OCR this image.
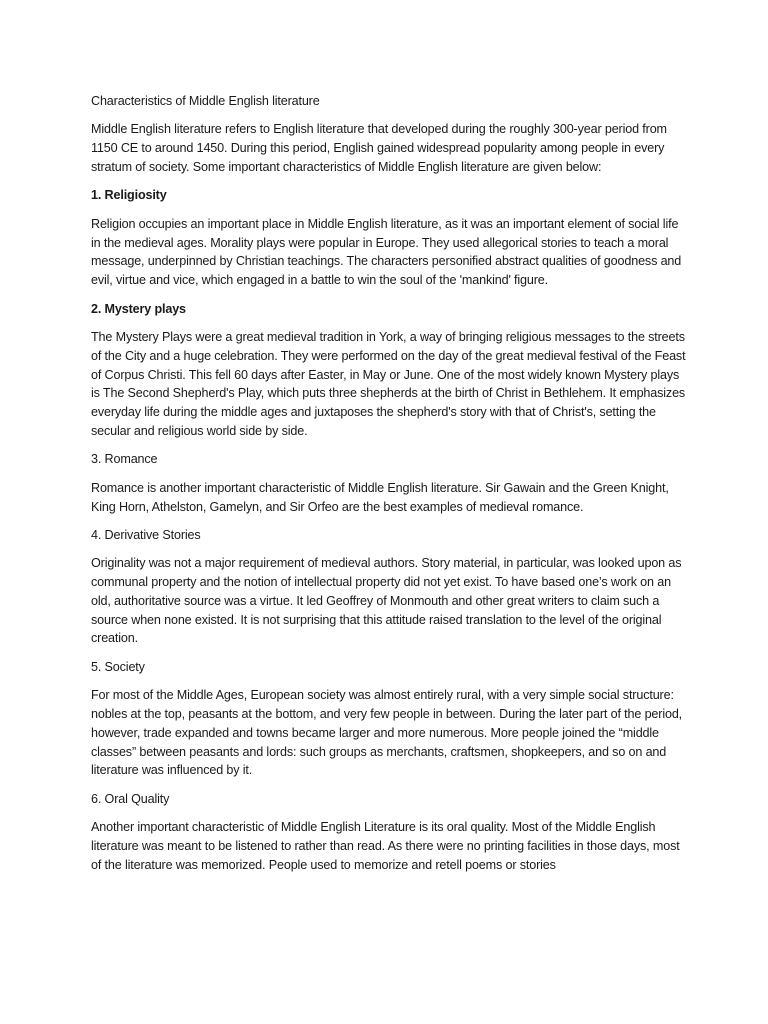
Characteristics of Middle English literature

Middle English literature refers to English literature that developed during the roughly 300-year period from 1150 CE to around 1450. During this period, English gained widespread popularity among people in every stratum of society. Some important characteristics of Middle English literature are given below:

1. Religiosity

Religion occupies an important place in Middle English literature, as it was an important element of social life in the medieval ages. Morality plays were popular in Europe. They used allegorical stories to teach a moral message, underpinned by Christian teachings. The characters personified abstract qualities of goodness and evil, virtue and vice, which engaged in a battle to win the soul of the 'mankind' figure.

2. Mystery plays

The Mystery Plays were a great medieval tradition in York, a way of bringing religious messages to the streets of the City and a huge celebration. They were performed on the day of the great medieval festival of the Feast of Corpus Christi. This fell 60 days after Easter, in May or June. One of the most widely known Mystery plays is The Second Shepherd's Play, which puts three shepherds at the birth of Christ in Bethlehem. It emphasizes everyday life during the middle ages and juxtaposes the shepherd's story with that of Christ's, setting the secular and religious world side by side.

3. Romance

Romance is another important characteristic of Middle English literature. Sir Gawain and the Green Knight, King Horn, Athelston, Gamelyn, and Sir Orfeo are the best examples of medieval romance.

4. Derivative Stories

Originality was not a major requirement of medieval authors. Story material, in particular, was looked upon as communal property and the notion of intellectual property did not yet exist. To have based one’s work on an old, authoritative source was a virtue. It led Geoffrey of Monmouth and other great writers to claim such a source when none existed. It is not surprising that this attitude raised translation to the level of the original creation.

5. Society

For most of the Middle Ages, European society was almost entirely rural, with a very simple social structure: nobles at the top, peasants at the bottom, and very few people in between. During the later part of the period, however, trade expanded and towns became larger and more numerous. More people joined the “middle classes” between peasants and lords: such groups as merchants, craftsmen, shopkeepers, and so on and literature was influenced by it.

6. Oral Quality

Another important characteristic of Middle English Literature is its oral quality. Most of the Middle English literature was meant to be listened to rather than read. As there were no printing facilities in those days, most of the literature was memorized. People used to memorize and retell poems or stories
